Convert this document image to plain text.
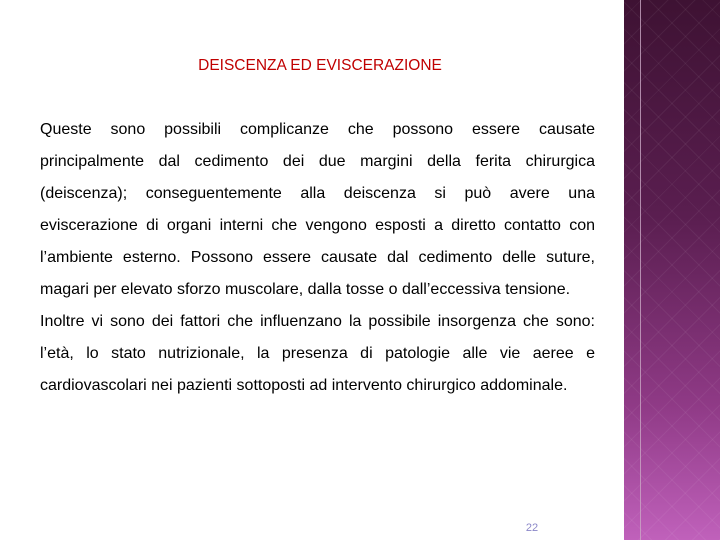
DEISCENZA ED EVISCERAZIONE

Queste sono possibili complicanze che possono essere causate principalmente dal cedimento dei due margini della ferita chirurgica (deiscenza); conseguentemente alla deiscenza si può avere una eviscerazione di organi interni che vengono esposti a diretto contatto con l’ambiente esterno. Possono essere causate dal cedimento delle suture, magari per elevato sforzo muscolare, dalla tosse o dall’eccessiva tensione.

Inoltre vi sono dei fattori che influenzano la possibile insorgenza che sono: l’età, lo stato nutrizionale, la presenza di patologie alle vie aeree e cardiovascolari nei pazienti sottoposti ad intervento chirurgico addominale.

22
